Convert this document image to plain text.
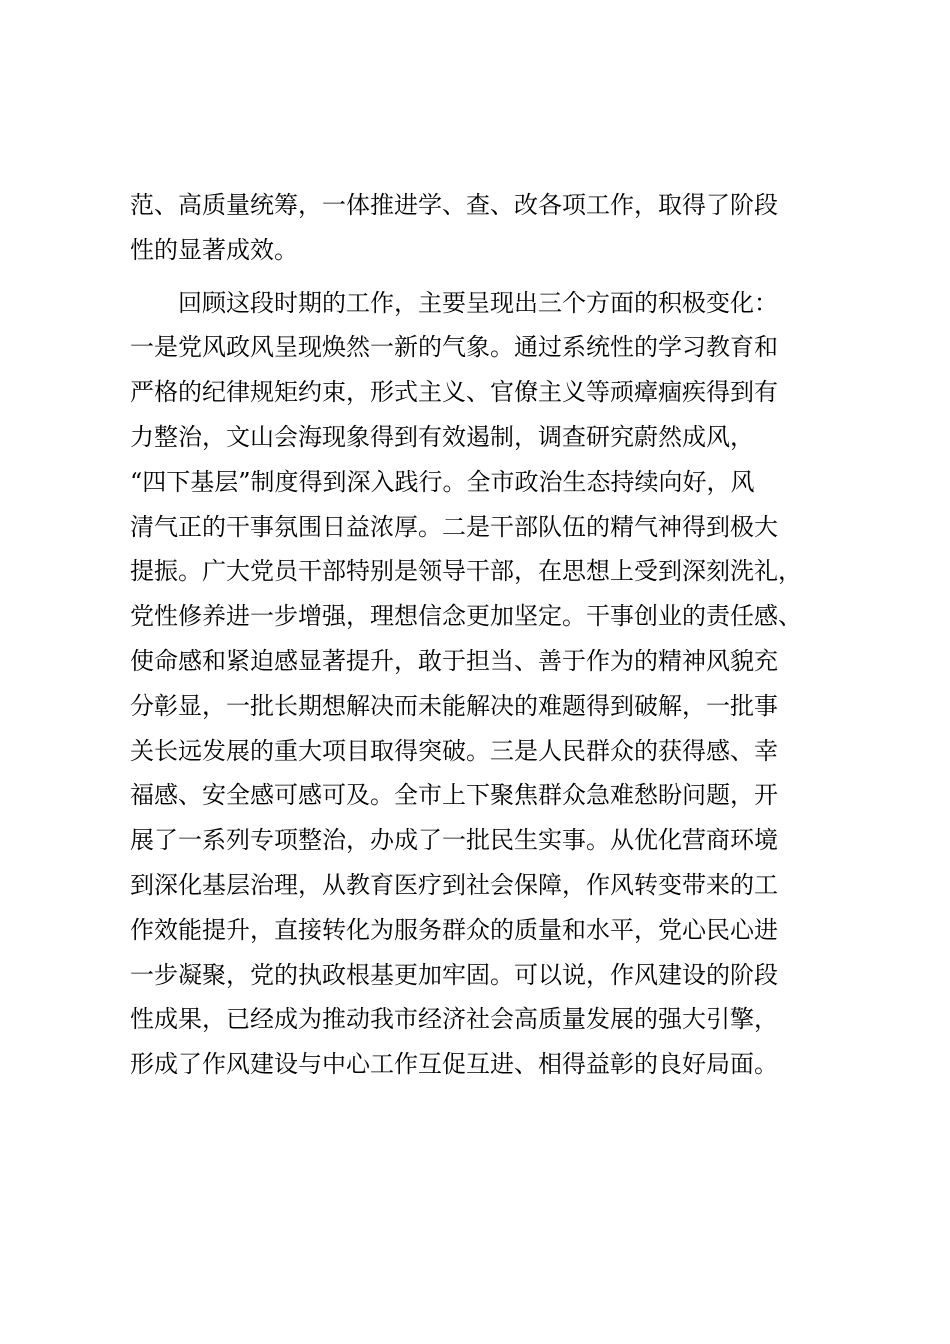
范、高质量统筹，一体推进学、查、改各项工作，取得了阶段
性的显著成效。
回顾这段时期的工作，主要呈现出三个方面的积极变化：
一是党风政风呈现焕然一新的气象。通过系统性的学习教育和
严格的纪律规矩约束，形式主义、官僚主义等顽瘴痼疾得到有
力整治，文山会海现象得到有效遏制，调查研究蔚然成风，
“四下基层”制度得到深入践行。全市政治生态持续向好，风
清气正的干事氛围日益浓厚。二是干部队伍的精气神得到极大
提振。广大党员干部特别是领导干部，在思想上受到深刻洗礼，
党性修养进一步增强，理想信念更加坚定。干事创业的责任感、
使命感和紧迫感显著提升，敢于担当、善于作为的精神风貌充
分彰显，一批长期想解决而未能解决的难题得到破解，一批事
关长远发展的重大项目取得突破。三是人民群众的获得感、幸
福感、安全感可感可及。全市上下聚焦群众急难愁盼问题，开
展了一系列专项整治，办成了一批民生实事。从优化营商环境
到深化基层治理，从教育医疗到社会保障，作风转变带来的工
作效能提升，直接转化为服务群众的质量和水平，党心民心进
一步凝聚，党的执政根基更加牢固。可以说，作风建设的阶段
性成果，已经成为推动我市经济社会高质量发展的强大引擎，
形成了作风建设与中心工作互促互进、相得益彰的良好局面。
